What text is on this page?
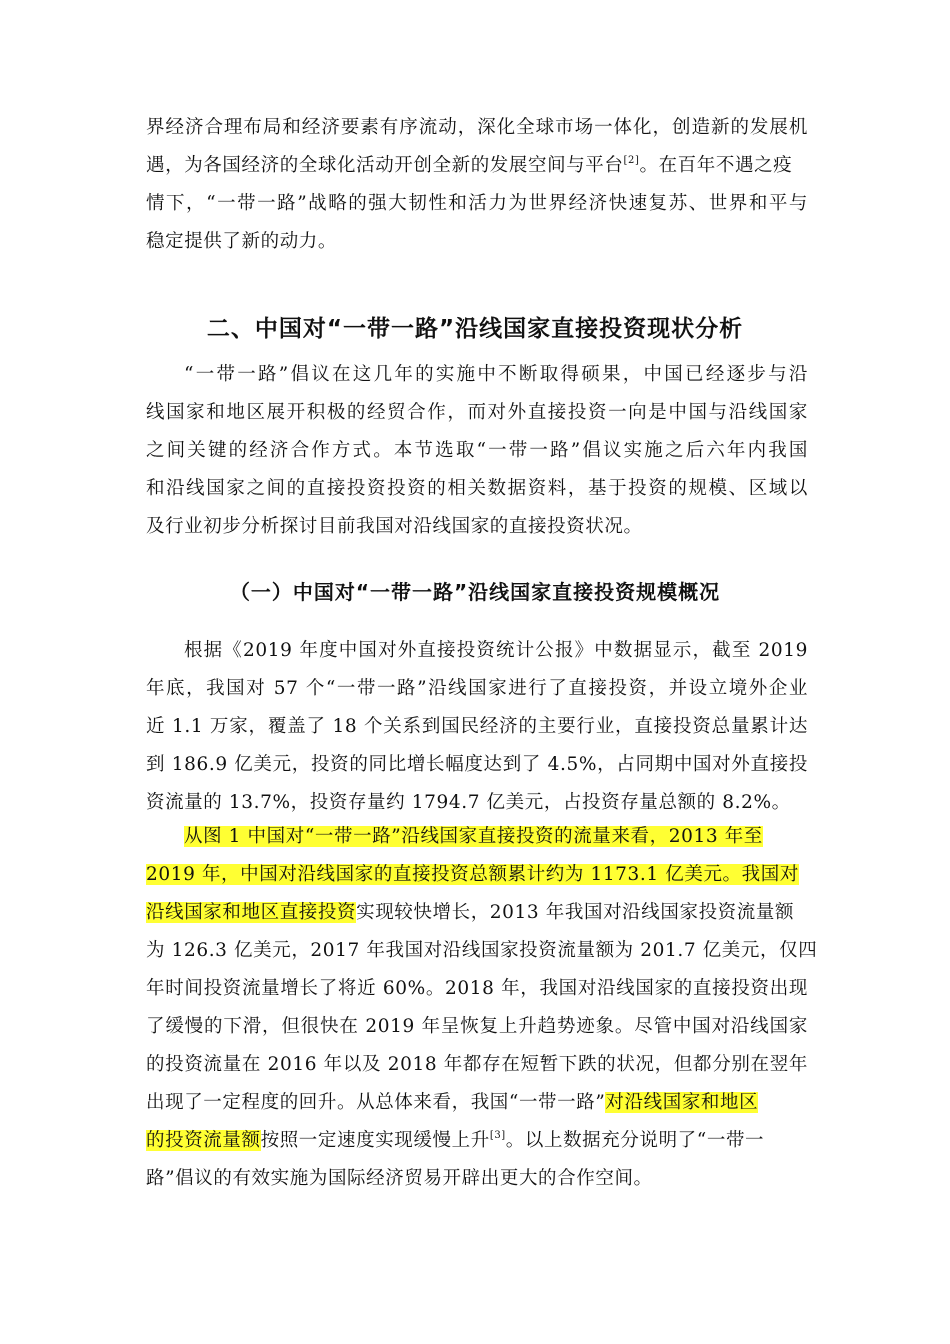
界经济合理布局和经济要素有序流动，深化全球市场一体化，创造新的发展机
遇，为各国经济的全球化活动开创全新的发展空间与平台[2]。在百年不遇之疫
情下，“一带一路”战略的强大韧性和活力为世界经济快速复苏、世界和平与
稳定提供了新的动力。
二、中国对“一带一路”沿线国家直接投资现状分析
“一带一路”倡议在这几年的实施中不断取得硕果，中国已经逐步与沿
线国家和地区展开积极的经贸合作，而对外直接投资一向是中国与沿线国家
之间关键的经济合作方式。本节选取“一带一路”倡议实施之后六年内我国
和沿线国家之间的直接投资投资的相关数据资料，基于投资的规模、区域以
及行业初步分析探讨目前我国对沿线国家的直接投资状况。
（一）中国对“一带一路”沿线国家直接投资规模概况
根据《2019 年度中国对外直接投资统计公报》中数据显示，截至 2019
年底，我国对 57 个“一带一路”沿线国家进行了直接投资，并设立境外企业
近 1.1 万家，覆盖了 18 个关系到国民经济的主要行业，直接投资总量累计达
到 186.9 亿美元，投资的同比增长幅度达到了 4.5%，占同期中国对外直接投
资流量的 13.7%，投资存量约 1794.7 亿美元，占投资存量总额的 8.2%。
从图 1 中国对“一带一路”沿线国家直接投资的流量来看，2013 年至
2019 年，中国对沿线国家的直接投资总额累计约为 1173.1 亿美元。我国对
沿线国家和地区直接投资实现较快增长，2013 年我国对沿线国家投资流量额
为 126.3 亿美元，2017 年我国对沿线国家投资流量额为 201.7 亿美元，仅四
年时间投资流量增长了将近 60%。2018 年，我国对沿线国家的直接投资出现
了缓慢的下滑，但很快在 2019 年呈恢复上升趋势迹象。尽管中国对沿线国家
的投资流量在 2016 年以及 2018 年都存在短暂下跌的状况，但都分别在翌年
出现了一定程度的回升。从总体来看，我国“一带一路”对沿线国家和地区
的投资流量额按照一定速度实现缓慢上升[3]。以上数据充分说明了“一带一
路”倡议的有效实施为国际经济贸易开辟出更大的合作空间。
